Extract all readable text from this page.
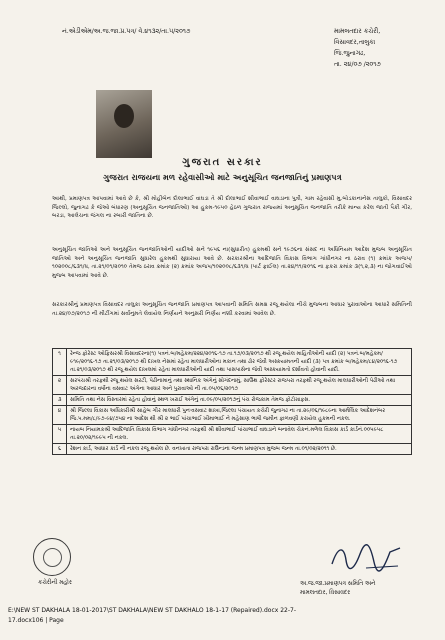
નં.એડીએમ/અ.જ.જા.પ્ર.પત્ર/ વે.૪૧૩૨/તા.૫/૨૦૧૭	મામલતદાર કચેરી,
વિસાવદર,તાલુકા
જિ.જુનાગઢ,
તા. ૨૪/૦૭ /૨૦૧૭
ગુજરાત સરકાર
ગુજરાત રાજયના મળ રહેવાસીઓ માટે અનુસૂચિત જનજાતિનું પ્રમાણપત્ર
આથી, પ્રમાણપત્ર આપવામાં આવે છે કે, શ્રી મોહીબેન દોલાભાઈ વાઘડા તે શ્રી દોલાભાઈ શીવાભાઈ વાઘડાના પુત્રી, ગામ રહેવાસી મુ.બોડકાનાનેસ તાલુકો, વિસાવદર જિલ્લો, જુનાગઢ કે જેઓ બંધારણ (અનુસૂચિત જનજાતિઓ) આ હુકમ-૧૯૫૦ હેઠળ ગુજરાત રાજયમાં અનુસૂચિત જનજાતિ તરીકે માન્ય કરેલ જાતી પૈકી ગીર, બરડા, આલેચના જંગલ ના રબારી જાતિના છે.
અનુસૂચિત જાતિઓ અને અનુસૂચિત જનજાતિઓની યાદીઓ સને ૧૯૫૬ ના(સુધારીત) હુકમથી સને ૧૯૭૬ના સંસદ ના અધિનિયમ આદેશ મુજબ અનુસૂચિત જાતિઓ અને અનુસૂચિત જનજાતિ સુધારેલ હુકમથી સુધારાયા આવે છે. સરકારશ્રીના આદિજાતિ વિકાસ વિભાગ ગાંધીનગર ના ઠરાવ (૧) ક્રમાંક અજપ/૧૦૨૦૦૮/૬૩૧/ધ, તા.૨૧/૦૧/૨૦૧૦ તેમજ ઠરાવ ક્રમાંક (૨) ક્રમાંક અજપ/૧૦૨૦૦૮/૬૩૧/ધ (પાર્ટ ફાઈલ) તા.૨૪/૧૧/૨૦૧૬ ના ફકરા ક્રમાંક ૩(૧,૨,૩) ના જોગવાઈઓ મુજબ આપવામાં આવે છે.
સરકારશ્રીનું પ્રમાણપત્ર વિસાવદર તાલુકા અનુસૂચિત જનજાતિ પ્રમાણપત્ર આપવાની સમિતિ સમક્ષ રજૂ થયેલા નીચે મુજબના આધાર પુરાવાઓના આધારે સમિતિની તા.૨૪/૦૭/૨૦૧૭ ની મીટીંગમાં સર્વાનુમતે લેવાયેલ નિર્ણયને અનુસરી નિર્ણય નક્કી કરવામાં આવેલ છે.
૧	રેન્જ ફોરેસ્ટ ઓફિસરશ્રી વિસાવદરના(૧) પત્રનં.બ/મહેકમ/૨૨૪/૨૦૧૬-૧૭ તા.૧૭/૦૩/૨૦૧૭ થી રજૂ થયેલ માહિતીઓની યાદી (૨) પત્રનં.બ/મહેકમ/૯૧૯/૨૦૧૬-૧૭ તા.૨૧/૦૩/૨૦૧૭ થી દાખલ નેસમાં રહેતા માલધારીઓના મકાન તથા ઢોર જેવી અસ્કયામતની યાદી (૩) પત્ર ક્રમાંક બ/મહેકમ/૮૪/૨૦૧૬-૧૭ તા.૨૧/૦૩/૨૦૧૭ થી રજૂ થયેલ દાખલમાં રહેતા માલધારીઓની યાદી તથા પાસપાસેના જેવી અસ્કયામતો દર્શાવતો હોવાની યાદી.
૨	સરપંચશ્રી તરફથી રજૂ થયેલ સરટી, પેઢીનામાનું તથા સ્થાનિક અંગેનું સોગંદનામું, સાઉથ ફોરેસ્ટર રાજપરા તરફથી રજૂ થયેલ માલધારીઓની પેઢીઓ તથા અરજદારના વર્ષોના વસવાટ અંગેના આધાર અને પુરાવાઓ ની તા.૦૫/૦૬/૨૦૧૭
૩	સમિતિ તથા નેસ વિસ્તારમાં રહેતા હોવાનું સ્થળ ખરાઈ અંગેનું તા.૦૯/૦૫/૨૦૧૭નું પંચ રોજકામ તેમજ ફોટોગ્રાફસ.
૪	શ્રી જિલ્લા વિકાસ અધિકારીશ્રી સાહેબ ગીર માલધારી પુનઃવસવાટ શાખા,જિલ્લા પંચાયત કચેરી જુનાગઢ ના તા.૨૯/૦૬/૧૯૮૯ના આર્મલિક આદેશનંબર જિ.પ.મમ/૮/૯૭-૯૪/૭૫૪ ના આદેશ થી શ્રી ૨ ભાઈ પાંચાભાઈ ખીમાભાઈ ને મહેસાણ ભાષી જમીન ફાળવણી કરાયેલ હુકમની નકલ.
૫	નાયબ નિયામકશ્રી આદિજાતિ વિકાસ વિભાગ ગાંધીનગર તરફથી શ્રી શીવાભાઈ પાંચાભાઈ વાઘડાને બનાવેલ ચેકનં.મળેલ વિકાસ કાર્ડ કાર્ડનં.૦૦૫૯૫૮ તા.૨૦/૦૨/૧૯૯૫ ની નકલ.
૬	રેશન કાર્ડ, આધાર કાર્ડ ની નકલ રજૂ થયેલ છે. વનખાતા રાજપરા રાઉન્ડના જન્મ પ્રમાણપત્ર મુજબ જન્મ તા.૦૧/૦૨/૨૦૧૧ છે.
કચેરીની મહોર	અ.જ.જા.પ્રમાણપત્ર સમિતિ અને
મામલતદાર, વિસાવદર
E:\NEW ST DAKHALA 18-01-2017\ST DAKHALA\NEW ST DAKHALO 18-1-17 (Repaired).docx 22-7-
17.docx106 | Page
